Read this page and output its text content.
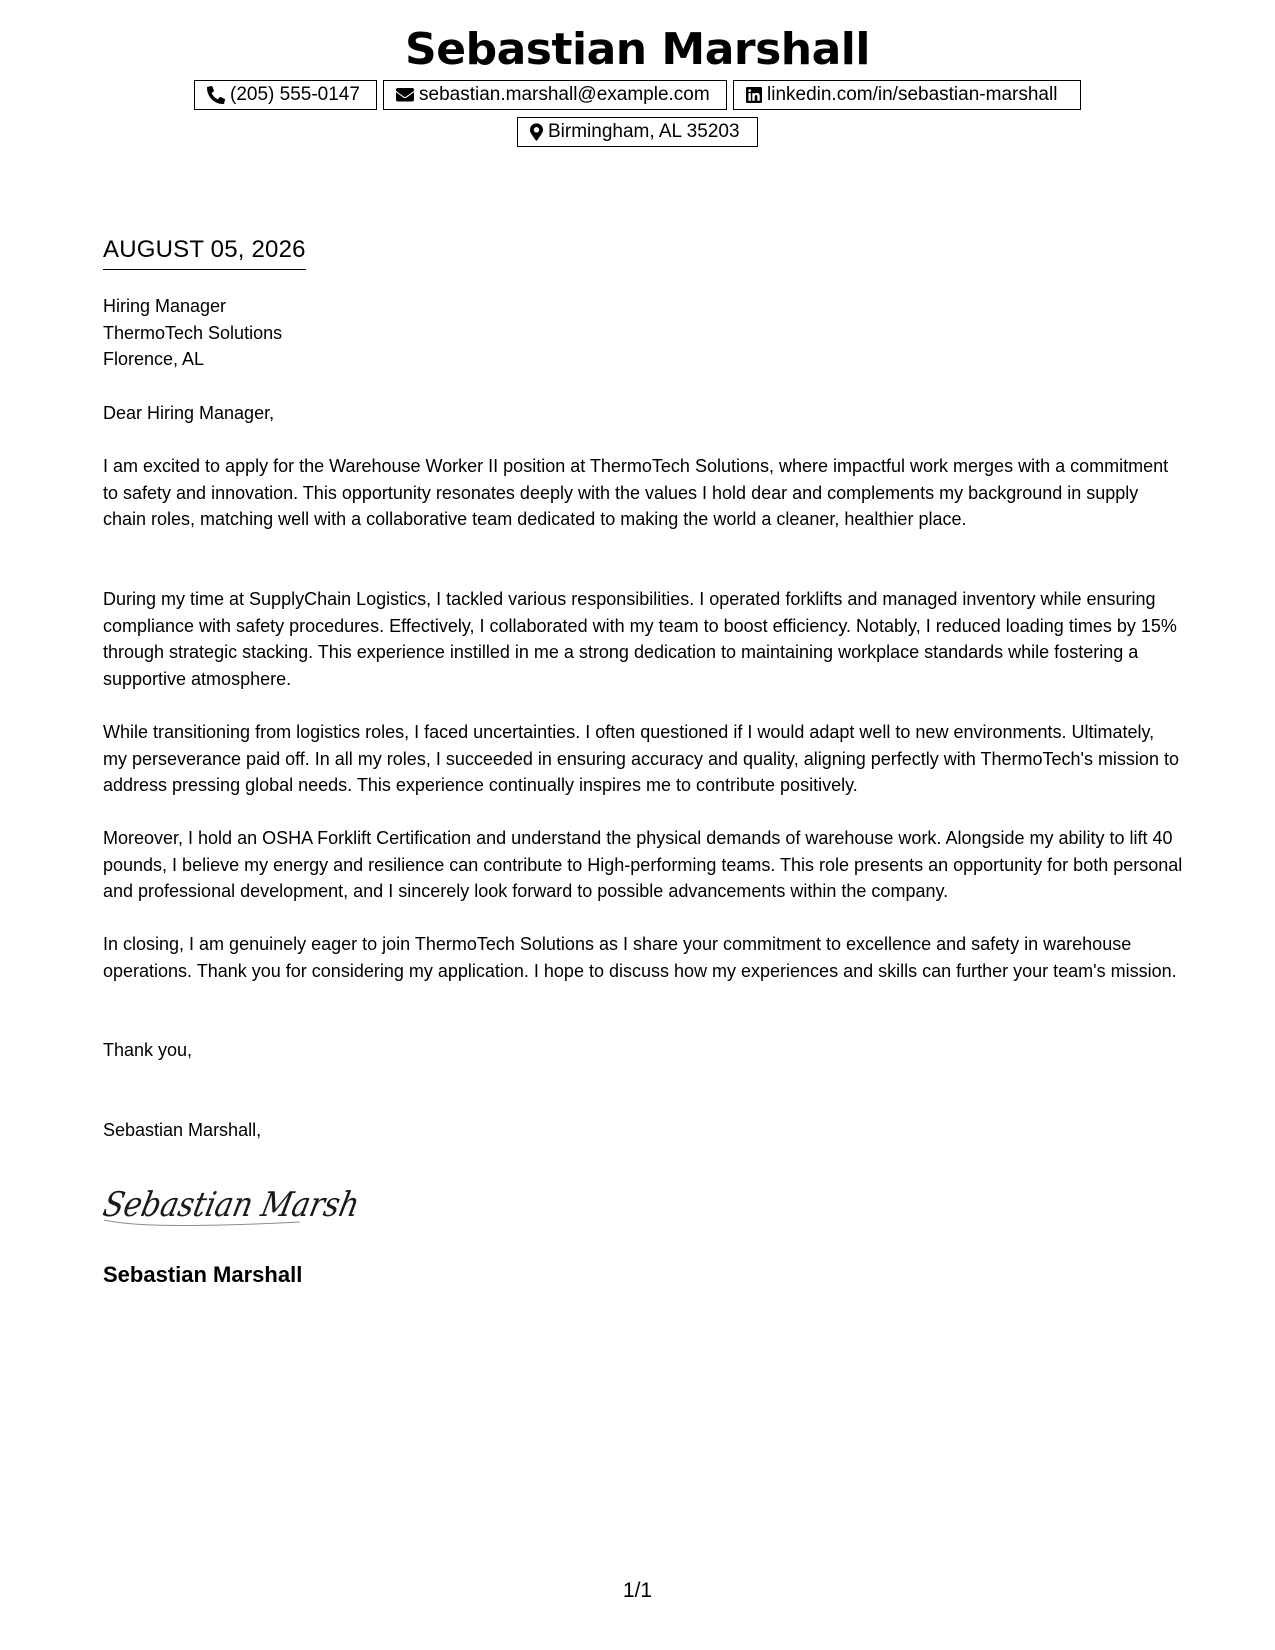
Sebastian Marshall
(205) 555-0147	sebastian.marshall@example.com	linkedin.com/in/sebastian-marshall
Birmingham, AL 35203
AUGUST 05, 2026
Hiring Manager
ThermoTech Solutions
Florence, AL
Dear Hiring Manager,
I am excited to apply for the Warehouse Worker II position at ThermoTech Solutions, where impactful work merges with a commitment to safety and innovation. This opportunity resonates deeply with the values I hold dear and complements my background in supply chain roles, matching well with a collaborative team dedicated to making the world a cleaner, healthier place.
During my time at SupplyChain Logistics, I tackled various responsibilities. I operated forklifts and managed inventory while ensuring compliance with safety procedures. Effectively, I collaborated with my team to boost efficiency. Notably, I reduced loading times by 15% through strategic stacking. This experience instilled in me a strong dedication to maintaining workplace standards while fostering a supportive atmosphere.
While transitioning from logistics roles, I faced uncertainties. I often questioned if I would adapt well to new environments. Ultimately, my perseverance paid off. In all my roles, I succeeded in ensuring accuracy and quality, aligning perfectly with ThermoTech's mission to address pressing global needs. This experience continually inspires me to contribute positively.
Moreover, I hold an OSHA Forklift Certification and understand the physical demands of warehouse work. Alongside my ability to lift 40 pounds, I believe my energy and resilience can contribute to High-performing teams. This role presents an opportunity for both personal and professional development, and I sincerely look forward to possible advancements within the company.
In closing, I am genuinely eager to join ThermoTech Solutions as I share your commitment to excellence and safety in warehouse operations. Thank you for considering my application. I hope to discuss how my experiences and skills can further your team's mission.
Thank you,
Sebastian Marshall,
Sebastian Marsh
Sebastian Marshall
1/1
